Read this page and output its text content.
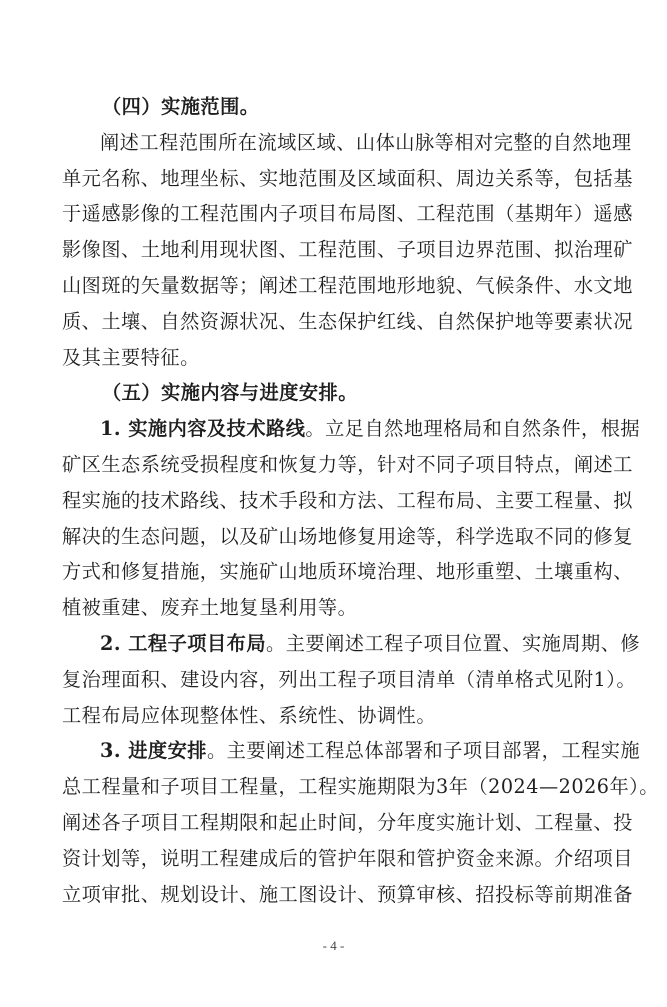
（四）实施范围。
阐述工程范围所在流域区域、山体山脉等相对完整的自然地理
单元名称、地理坐标、实地范围及区域面积、周边关系等，包括基
于遥感影像的工程范围内子项目布局图、工程范围（基期年）遥感
影像图、土地利用现状图、工程范围、子项目边界范围、拟治理矿
山图斑的矢量数据等；阐述工程范围地形地貌、气候条件、水文地
质、土壤、自然资源状况、生态保护红线、自然保护地等要素状况
及其主要特征。
（五）实施内容与进度安排。
1. 实施内容及技术路线。立足自然地理格局和自然条件，根据
矿区生态系统受损程度和恢复力等，针对不同子项目特点，阐述工
程实施的技术路线、技术手段和方法、工程布局、主要工程量、拟
解决的生态问题，以及矿山场地修复用途等，科学选取不同的修复
方式和修复措施，实施矿山地质环境治理、地形重塑、土壤重构、
植被重建、废弃土地复垦利用等。
2. 工程子项目布局。主要阐述工程子项目位置、实施周期、修
复治理面积、建设内容，列出工程子项目清单（清单格式见附1）。
工程布局应体现整体性、系统性、协调性。
3. 进度安排。主要阐述工程总体部署和子项目部署，工程实施
总工程量和子项目工程量，工程实施期限为3年（2024—2026年）。
阐述各子项目工程期限和起止时间，分年度实施计划、工程量、投
资计划等，说明工程建成后的管护年限和管护资金来源。介绍项目
立项审批、规划设计、施工图设计、预算审核、招投标等前期准备
- 4 -
